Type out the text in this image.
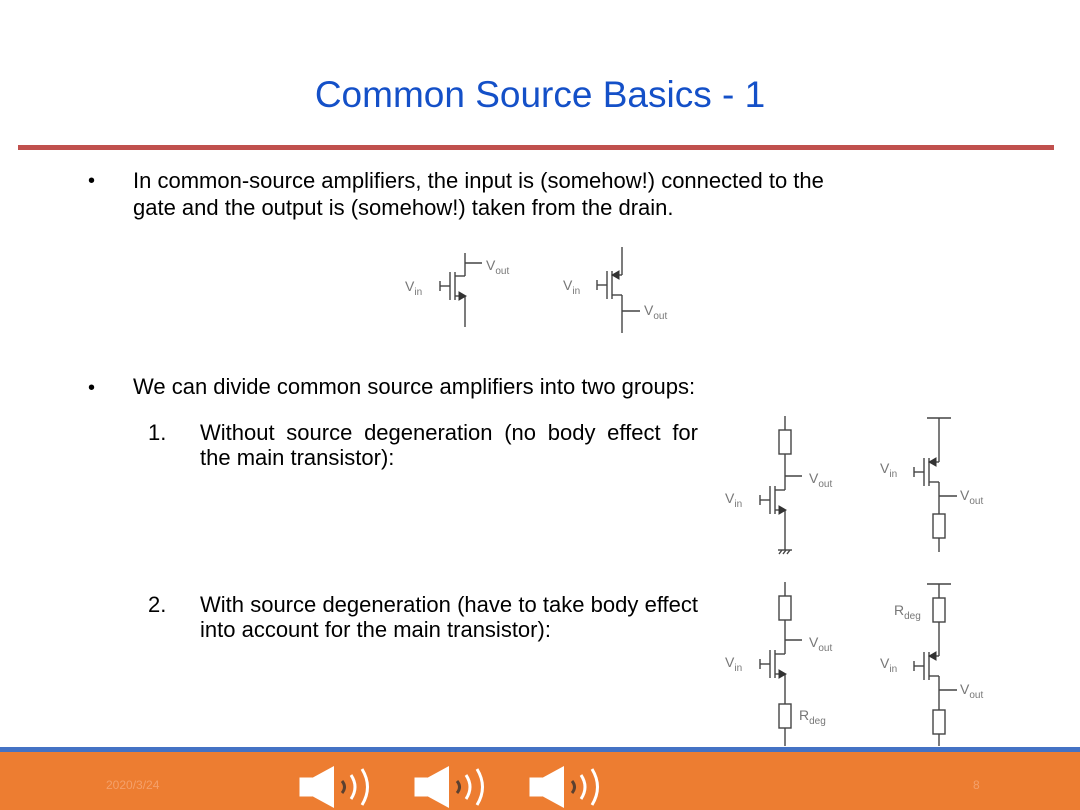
Common Source Basics - 1
• In common-source amplifiers, the input is (somehow!) connected to the
gate and the output is (somehow!) taken from the drain.
$V_{out}$
$V_{in}$
$V_{out}$
$V_{in}$
• We can divide common source amplifiers into two groups:
1. Without source degeneration (no body effect for the main transistor):
2. With source degeneration (have to take body effect into account for the main transistor):
$V_{out}$
$V_{in}$
$V_{out}$
$V_{in}$
$V_{out}$
$V_{in}$
$R_{deg}$
$V_{out}$
$V_{in}$
$R_{deg}$
2020/3/24	8
